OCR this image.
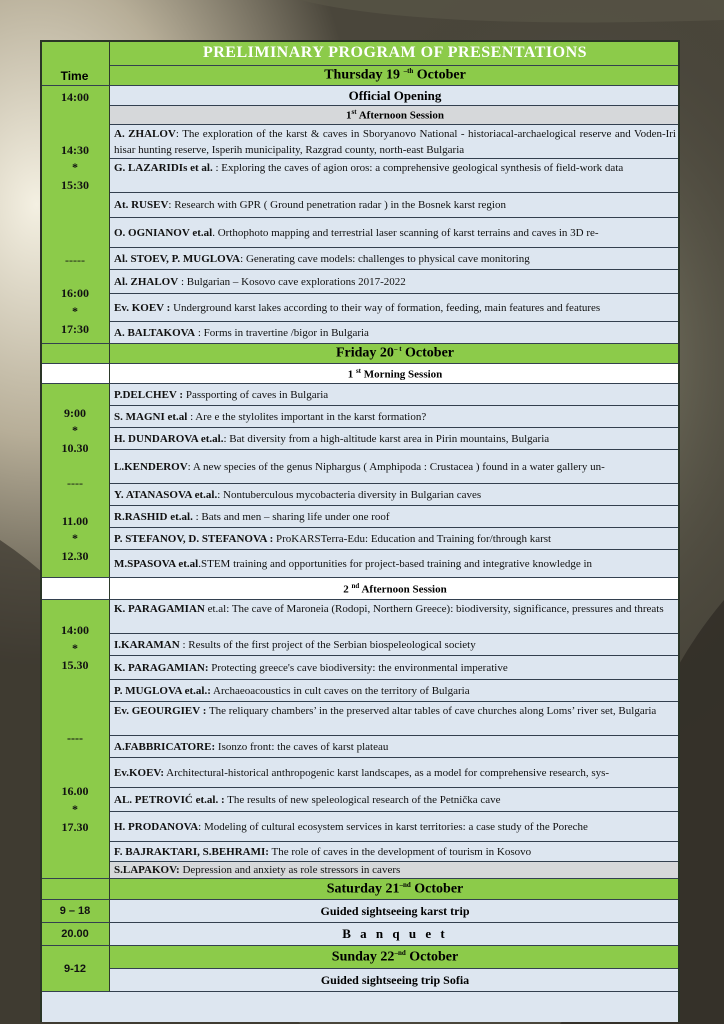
PRELIMINARY PROGRAM OF PRESENTATIONS
Time	Thursday 19 $^{-th}$ October
Official Opening
1st Afternoon Session
A. ZHALOV: The exploration of the karst & caves in Sboryanovo National - historiacal-archaelogical reserve and Voden-Iri hisar hunting reserve, Isperih municipality, Razgrad county, north-east Bulgaria
G. LAZARIDIs et al. : Exploring the caves of agion oros: a comprehensive geological synthesis of field-work data
At. RUSEV: Research with GPR ( Ground penetration radar ) in the Bosnek karst region
O. OGNIANOV et.al. Orthophoto mapping and terrestrial laser scanning of karst terrains and caves in 3D re-
Al. STOEV, P. MUGLOVA: Generating cave models: challenges to physical cave monitoring
Al. ZHALOV : Bulgarian – Kosovo cave explorations 2017-2022
Ev. KOEV : Underground karst lakes according to their way of formation, feeding, main features and features
A. BALTAKOVA : Forms in travertine /bigor in Bulgaria
14:00
14:30
*
15:30
-----
16:00
*
17:30
Friday $20^{- t}$ October
1 $^{st}$ Morning Session
P.DELCHEV : Passporting of caves in Bulgaria
S. MAGNI et.al : Are e the stylolites important in the karst formation?
H. DUNDAROVA et.al.: Bat diversity from a high-altitude karst area in Pirin mountains, Bulgaria
L.KENDEROV: A new species of the genus Niphargus ( Amphipoda : Crustacea ) found in a water gallery un-
Y. ATANASOVA et.al.: Nontuberculous mycobacteria diversity in Bulgarian caves
R.RASHID et.al. : Bats and men – sharing life under one roof
P. STEFANOV, D. STEFANOVA : ProKARSTerra-Edu: Education and Training for/through karst
M.SPASOVA et.al.STEM training and opportunities for project-based training and integrative knowledge in
9:00
*
10.30
----
11.00
*
12.30
2 $^{nd}$ Afternoon Session
K. PARAGAMIAN et.al: The cave of Maroneia (Rodopi, Northern Greece): biodiversity, significance, pressures and threats
I.KARAMAN : Results of the first project of the Serbian biospeleological society
K. PARAGAMIAN: Protecting greece's cave biodiversity: the environmental imperative
P. MUGLOVA et.al.: Archaeoacoustics in cult caves on the territory of Bulgaria
Ev. GEOURGIEV : The reliquary chambers’ in the preserved altar tables of cave churches along Loms’ river set, Bulgaria
A.FABBRICATORE: Isonzo front: the caves of karst plateau
Ev.KOEV: Architectural-historical anthropogenic karst landscapes, as a model for comprehensive research, sys-
AL. PETROVIĆ et.al. : The results of new speleological research of the Petnička cave
H. PRODANOVA: Modeling of cultural ecosystem services in karst territories: a case study of the Poreche
F. BAJRAKTARI, S.BEHRAMI: The role of caves in the development of tourism in Kosovo
S.LAPAKOV: Depression and anxiety as role stressors in cavers
14:00
*
15.30
----
16.00
*
17.30
Saturday $21^{-nd}$ October
Guided sightseeing karst trip
B a n q u e t
9 – 18
20.00
Sunday $22^{-nd}$ October
Guided sightseeing trip Sofia
9-12
